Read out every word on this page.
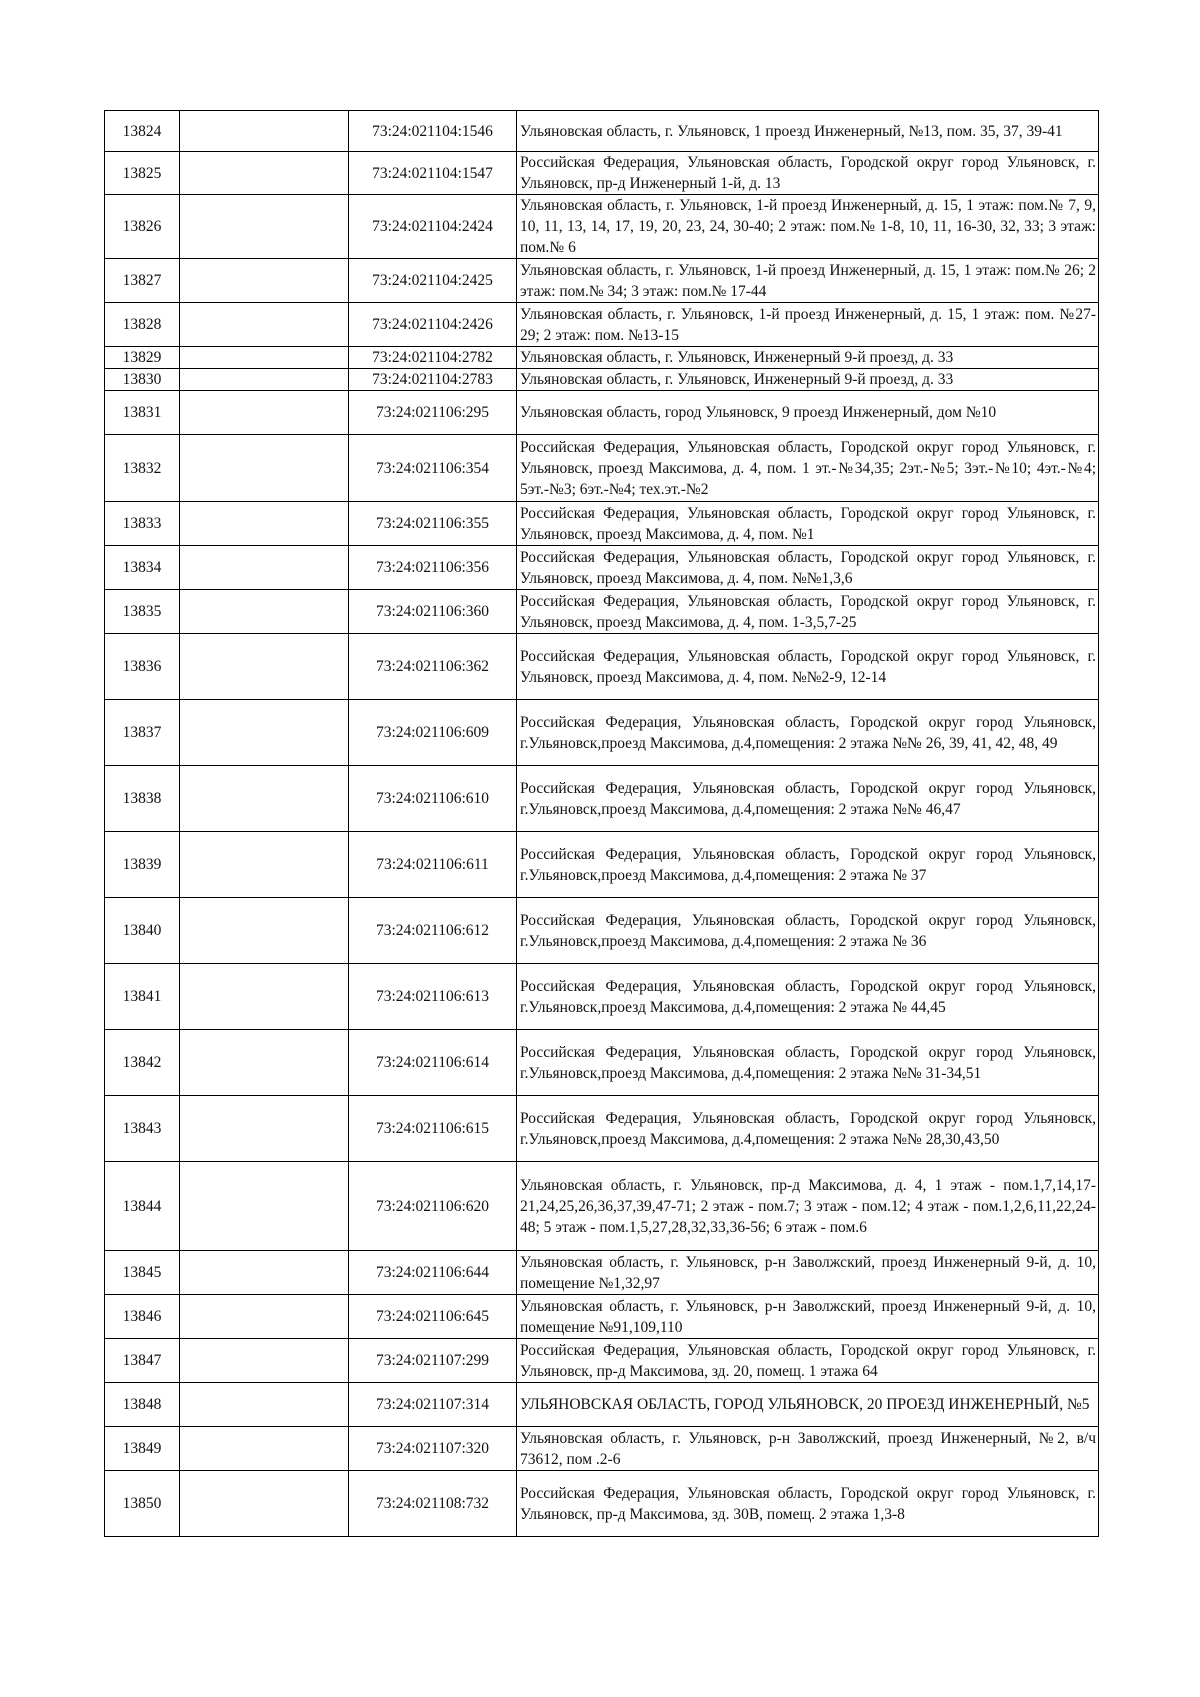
13824		73:24:021104:1546	Ульяновская область, г. Ульяновск, 1 проезд Инженерный, №13, пом. 35, 37, 39-41
13825		73:24:021104:1547	Российская Федерация, Ульяновская область, Городской округ город Ульяновск, г. Ульяновск, пр-д Инженерный 1-й, д. 13
13826		73:24:021104:2424	Ульяновская область, г. Ульяновск, 1-й проезд Инженерный, д. 15, 1 этаж: пом.№ 7, 9, 10, 11, 13, 14, 17, 19, 20, 23, 24, 30-40; 2 этаж: пом.№ 1-8, 10, 11, 16-30, 32, 33; 3 этаж: пом.№ 6
13827		73:24:021104:2425	Ульяновская область, г. Ульяновск, 1-й проезд Инженерный, д. 15, 1 этаж: пом.№ 26; 2 этаж: пом.№ 34; 3 этаж: пом.№ 17-44
13828		73:24:021104:2426	Ульяновская область, г. Ульяновск, 1-й проезд Инженерный, д. 15, 1 этаж: пом. №27-29; 2 этаж: пом. №13-15
13829		73:24:021104:2782	Ульяновская область, г. Ульяновск, Инженерный 9-й проезд, д. 33
13830		73:24:021104:2783	Ульяновская область, г. Ульяновск, Инженерный 9-й проезд, д. 33
13831		73:24:021106:295	Ульяновская область, город Ульяновск, 9 проезд Инженерный, дом №10
13832		73:24:021106:354	Российская Федерация, Ульяновская область, Городской округ город Ульяновск, г. Ульяновск, проезд Максимова, д. 4, пом. 1 эт.-№34,35; 2эт.-№5; 3эт.-№10; 4эт.-№4; 5эт.-№3; 6эт.-№4; тех.эт.-№2
13833		73:24:021106:355	Российская Федерация, Ульяновская область, Городской округ город Ульяновск, г. Ульяновск, проезд Максимова, д. 4, пом. №1
13834		73:24:021106:356	Российская Федерация, Ульяновская область, Городской округ город Ульяновск, г. Ульяновск, проезд Максимова, д. 4, пом. №№1,3,6
13835		73:24:021106:360	Российская Федерация, Ульяновская область, Городской округ город Ульяновск, г. Ульяновск, проезд Максимова, д. 4, пом. 1-3,5,7-25
13836		73:24:021106:362	Российская Федерация, Ульяновская область, Городской округ город Ульяновск, г. Ульяновск, проезд Максимова, д. 4, пом. №№2-9, 12-14
13837		73:24:021106:609	Российская Федерация, Ульяновская область, Городской округ город Ульяновск, г.Ульяновск,проезд Максимова, д.4,помещения: 2 этажа №№ 26, 39, 41, 42, 48, 49
13838		73:24:021106:610	Российская Федерация, Ульяновская область, Городской округ город Ульяновск, г.Ульяновск,проезд Максимова, д.4,помещения: 2 этажа №№ 46,47
13839		73:24:021106:611	Российская Федерация, Ульяновская область, Городской округ город Ульяновск, г.Ульяновск,проезд Максимова, д.4,помещения: 2 этажа № 37
13840		73:24:021106:612	Российская Федерация, Ульяновская область, Городской округ город Ульяновск, г.Ульяновск,проезд Максимова, д.4,помещения: 2 этажа № 36
13841		73:24:021106:613	Российская Федерация, Ульяновская область, Городской округ город Ульяновск, г.Ульяновск,проезд Максимова, д.4,помещения: 2 этажа № 44,45
13842		73:24:021106:614	Российская Федерация, Ульяновская область, Городской округ город Ульяновск, г.Ульяновск,проезд Максимова, д.4,помещения: 2 этажа №№ 31-34,51
13843		73:24:021106:615	Российская Федерация, Ульяновская область, Городской округ город Ульяновск, г.Ульяновск,проезд Максимова, д.4,помещения: 2 этажа №№ 28,30,43,50
13844		73:24:021106:620	Ульяновская область, г. Ульяновск, пр-д Максимова, д. 4, 1 этаж - пом.1,7,14,17-21,24,25,26,36,37,39,47-71; 2 этаж - пом.7; 3 этаж - пом.12; 4 этаж - пом.1,2,6,11,22,24-48; 5 этаж - пом.1,5,27,28,32,33,36-56; 6 этаж - пом.6
13845		73:24:021106:644	Ульяновская область, г. Ульяновск, р-н Заволжский, проезд Инженерный 9-й, д. 10, помещение №1,32,97
13846		73:24:021106:645	Ульяновская область, г. Ульяновск, р-н Заволжский, проезд Инженерный 9-й, д. 10, помещение №91,109,110
13847		73:24:021107:299	Российская Федерация, Ульяновская область, Городской округ город Ульяновск, г. Ульяновск, пр-д Максимова, зд. 20, помещ. 1 этажа 64
13848		73:24:021107:314	УЛЬЯНОВСКАЯ ОБЛАСТЬ, ГОРОД УЛЬЯНОВСК, 20 ПРОЕЗД ИНЖЕНЕРНЫЙ, №5
13849		73:24:021107:320	Ульяновская область, г. Ульяновск, р-н Заволжский, проезд Инженерный, №2, в/ч 73612, пом .2-6
13850		73:24:021108:732	Российская Федерация, Ульяновская область, Городской округ город Ульяновск, г. Ульяновск, пр-д Максимова, зд. 30В, помещ. 2 этажа 1,3-8
